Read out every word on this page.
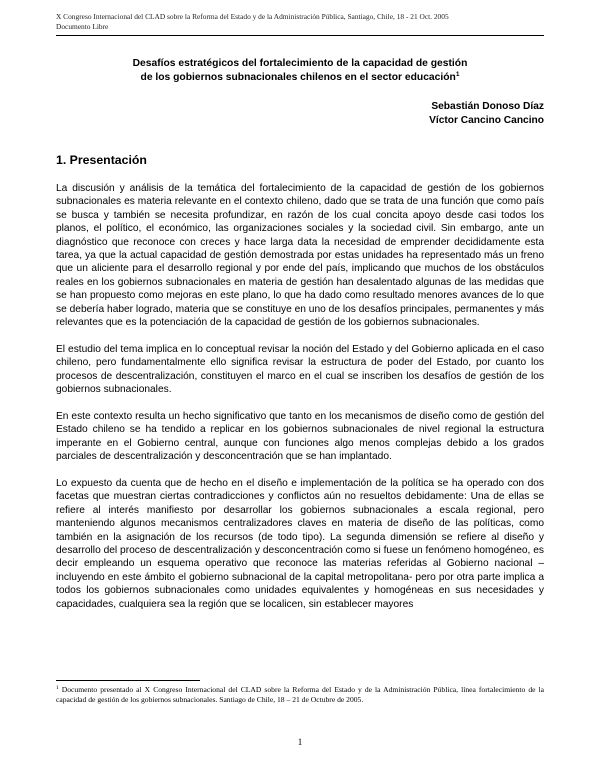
X Congreso Internacional del CLAD sobre la Reforma del Estado y de la Administración Pública, Santiago, Chile, 18 - 21 Oct. 2005
Documento Libre
Desafíos estratégicos del fortalecimiento de la capacidad de gestión
de los gobiernos subnacionales chilenos en el sector educación$^1$
Sebastián Donoso Díaz
Víctor Cancino Cancino
1. Presentación

La discusión y análisis de la temática del fortalecimiento de la capacidad de gestión de los gobiernos subnacionales es materia relevante en el contexto chileno, dado que se trata de una función que como país se busca y también se necesita profundizar, en razón de los cual concita apoyo desde casi todos los planos, el político, el económico, las organizaciones sociales y la sociedad civil. Sin embargo, ante un diagnóstico que reconoce con creces y hace larga data la necesidad de emprender decididamente esta tarea, ya que la actual capacidad de gestión demostrada por estas unidades ha representado más un freno que un aliciente para el desarrollo regional y por ende del país, implicando que muchos de los obstáculos reales en los gobiernos subnacionales en materia de gestión han desalentado algunas de las medidas que se han propuesto como mejoras en este plano, lo que ha dado como resultado menores avances de lo que se debería haber logrado, materia que se constituye en uno de los desafíos principales, permanentes y más relevantes que es la potenciación de la capacidad de gestión de los gobiernos subnacionales.

El estudio del tema implica en lo conceptual revisar la noción del Estado y del Gobierno aplicada en el caso chileno, pero fundamentalmente ello significa revisar la estructura de poder del Estado, por cuanto los procesos de descentralización, constituyen el marco en el cual se inscriben los desafíos de gestión de los gobiernos subnacionales.

En este contexto resulta un hecho significativo que tanto en los mecanismos de diseño como de gestión del Estado chileno se ha tendido a replicar en los gobiernos subnacionales de nivel regional la estructura imperante en el Gobierno central, aunque con funciones algo menos complejas debido a los grados parciales de descentralización y desconcentración que se han implantado.

Lo expuesto da cuenta que de hecho en el diseño e implementación de la política se ha operado con dos facetas que muestran ciertas contradicciones y conflictos aún no resueltos debidamente: Una de ellas se refiere al interés manifiesto por desarrollar los gobiernos subnacionales a escala regional, pero manteniendo algunos mecanismos centralizadores claves en materia de diseño de las políticas, como también en la asignación de los recursos (de todo tipo). La segunda dimensión se refiere al diseño y desarrollo del proceso de descentralización y desconcentración como si fuese un fenómeno homogéneo, es decir empleando un esquema operativo que reconoce las materias referidas al Gobierno nacional –incluyendo en este ámbito el gobierno subnacional de la capital metropolitana- pero por otra parte implica a todos los gobiernos subnacionales como unidades equivalentes y homogéneas en sus necesidades y capacidades, cualquiera sea la región que se localicen, sin establecer mayores

$^1$ Documento presentado al X Congreso Internacional del CLAD sobre la Reforma del Estado y de la Administración Pública, línea fortalecimiento de la capacidad de gestión de los gobiernos subnacionales. Santiago de Chile, 18 – 21 de Octubre de 2005.
1
